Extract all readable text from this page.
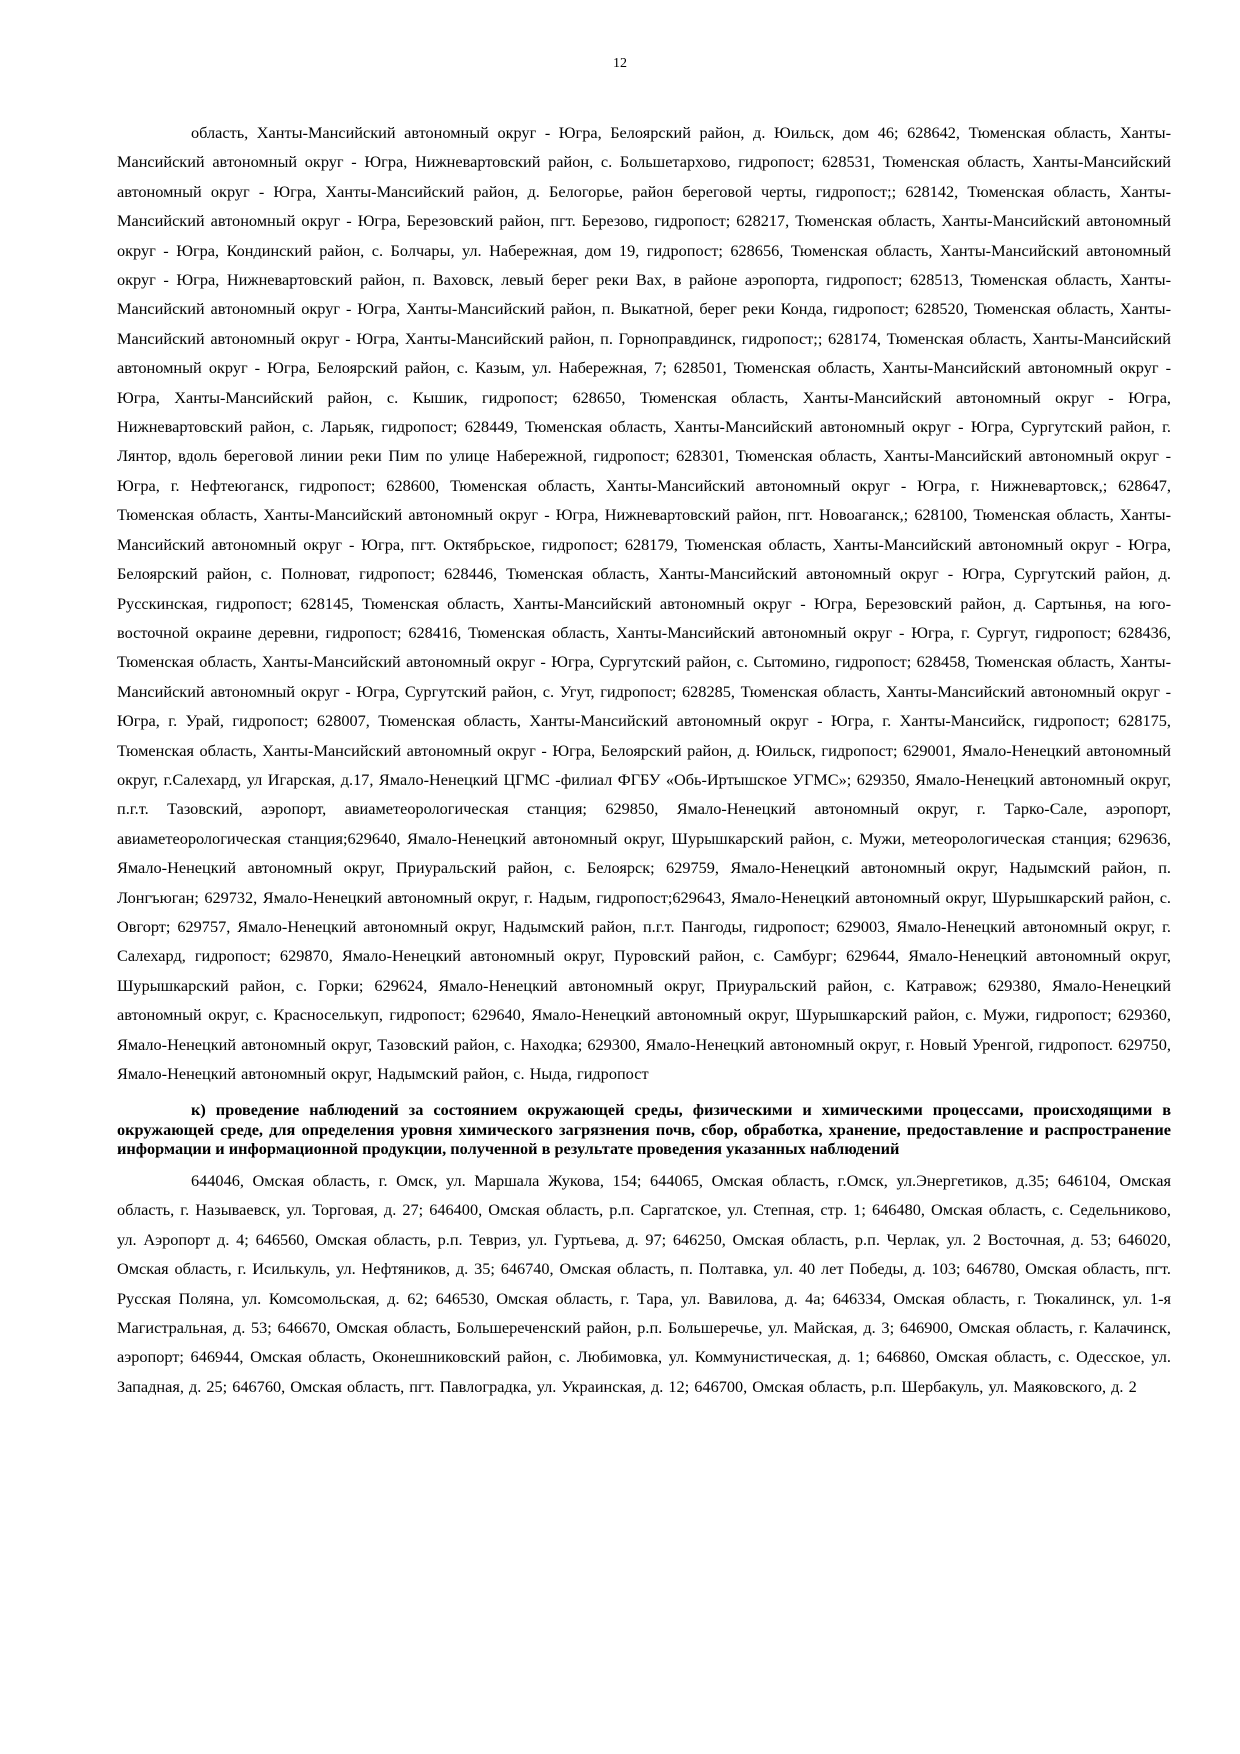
12

область, Ханты-Мансийский автономный округ - Югра, Белоярский район, д. Юильск, дом 46; 628642, Тюменская область, Ханты-Мансийский автономный округ - Югра, Нижневартовский район, с. Большетархово, гидропост; 628531, Тюменская область, Ханты-Мансийский автономный округ - Югра, Ханты-Мансийский район, д. Белогорье, район береговой черты, гидропост;; 628142, Тюменская область, Ханты-Мансийский автономный округ - Югра, Березовский район, пгт. Березово, гидропост; 628217, Тюменская область, Ханты-Мансийский автономный округ - Югра, Кондинский район, с. Болчары, ул. Набережная, дом 19, гидропост; 628656, Тюменская область, Ханты-Мансийский автономный округ - Югра, Нижневартовский район, п. Ваховск, левый берег реки Вах, в районе аэропорта, гидропост; 628513, Тюменская область, Ханты-Мансийский автономный округ - Югра, Ханты-Мансийский район, п. Выкатной, берег реки Конда, гидропост; 628520, Тюменская область, Ханты-Мансийский автономный округ - Югра, Ханты-Мансийский район, п. Горноправдинск, гидропост;; 628174, Тюменская область, Ханты-Мансийский автономный округ - Югра, Белоярский район, с. Казым, ул. Набережная, 7; 628501, Тюменская область, Ханты-Мансийский автономный округ - Югра, Ханты-Мансийский район, с. Кышик, гидропост; 628650, Тюменская область, Ханты-Мансийский автономный округ - Югра, Нижневартовский район, с. Ларьяк, гидропост; 628449, Тюменская область, Ханты-Мансийский автономный округ - Югра, Сургутский район, г. Лянтор, вдоль береговой линии реки Пим по улице Набережной, гидропост; 628301, Тюменская область, Ханты-Мансийский автономный округ - Югра, г. Нефтеюганск, гидропост; 628600, Тюменская область, Ханты-Мансийский автономный округ - Югра, г. Нижневартовск,; 628647, Тюменская область, Ханты-Мансийский автономный округ - Югра, Нижневартовский район, пгт. Новоаганск,; 628100, Тюменская область, Ханты-Мансийский автономный округ - Югра, пгт. Октябрьское, гидропост; 628179, Тюменская область, Ханты-Мансийский автономный округ - Югра, Белоярский район, с. Полноват, гидропост; 628446, Тюменская область, Ханты-Мансийский автономный округ - Югра, Сургутский район, д. Русскинская, гидропост; 628145, Тюменская область, Ханты-Мансийский автономный округ - Югра, Березовский район, д. Сартынья, на юго-восточной окраине деревни, гидропост; 628416, Тюменская область, Ханты-Мансийский автономный округ - Югра, г. Сургут, гидропост; 628436, Тюменская область, Ханты-Мансийский автономный округ - Югра, Сургутский район, с. Сытомино, гидропост; 628458, Тюменская область, Ханты-Мансийский автономный округ - Югра, Сургутский район, с. Угут, гидропост; 628285, Тюменская область, Ханты-Мансийский автономный округ - Югра, г. Урай, гидропост; 628007, Тюменская область, Ханты-Мансийский автономный округ - Югра, г. Ханты-Мансийск, гидропост; 628175, Тюменская область, Ханты-Мансийский автономный округ - Югра, Белоярский район, д. Юильск, гидропост; 629001, Ямало-Ненецкий автономный округ, г.Салехард, ул Игарская, д.17, Ямало-Ненецкий ЦГМС -филиал ФГБУ «Обь-Иртышское УГМС»; 629350, Ямало-Ненецкий автономный округ, п.г.т. Тазовский, аэропорт, авиаметеорологическая станция; 629850, Ямало-Ненецкий автономный округ, г. Тарко-Сале, аэропорт, авиаметеорологическая станция;629640, Ямало-Ненецкий автономный округ, Шурышкарский район, с. Мужи, метеорологическая станция; 629636, Ямало-Ненецкий автономный округ, Приуральский район, с. Белоярск; 629759, Ямало-Ненецкий автономный округ, Надымский район, п. Лонгъюган; 629732, Ямало-Ненецкий автономный округ, г. Надым, гидропост;629643, Ямало-Ненецкий автономный округ, Шурышкарский район, с. Овгорт; 629757, Ямало-Ненецкий автономный округ, Надымский район, п.г.т. Пангоды, гидропост; 629003, Ямало-Ненецкий автономный округ, г. Салехард, гидропост; 629870, Ямало-Ненецкий автономный округ, Пуровский район, с. Самбург; 629644, Ямало-Ненецкий автономный округ, Шурышкарский район, с. Горки; 629624, Ямало-Ненецкий автономный округ, Приуральский район, с. Катравож; 629380, Ямало-Ненецкий автономный округ, с. Красноселькуп, гидропост; 629640, Ямало-Ненецкий автономный округ, Шурышкарский район, с. Мужи, гидропост; 629360, Ямало-Ненецкий автономный округ, Тазовский район, с. Находка; 629300, Ямало-Ненецкий автономный округ, г. Новый Уренгой, гидропост. 629750, Ямало-Ненецкий автономный округ, Надымский район, с. Ныда, гидропост

к) проведение наблюдений за состоянием окружающей среды, физическими и химическими процессами, происходящими в окружающей среде, для определения уровня химического загрязнения почв, сбор, обработка, хранение, предоставление и распространение информации и информационной продукции, полученной в результате проведения указанных наблюдений

644046, Омская область, г. Омск, ул. Маршала Жукова, 154; 644065, Омская область, г.Омск, ул.Энергетиков, д.35; 646104, Омская область, г. Называевск, ул. Торговая, д. 27; 646400, Омская область, р.п. Саргатское, ул. Степная, стр. 1; 646480, Омская область, с. Седельниково, ул. Аэропорт д. 4; 646560, Омская область, р.п. Тевриз, ул. Гуртьева, д. 97; 646250, Омская область, р.п. Черлак, ул. 2 Восточная, д. 53; 646020, Омская область, г. Исилькуль, ул. Нефтяников, д. 35; 646740, Омская область, п. Полтавка, ул. 40 лет Победы, д. 103; 646780, Омская область, пгт. Русская Поляна, ул. Комсомольская, д. 62; 646530, Омская область, г. Тара, ул. Вавилова, д. 4а; 646334, Омская область, г. Тюкалинск, ул. 1-я Магистральная, д. 53; 646670, Омская область, Большереченский район, р.п. Большеречье, ул. Майская, д. 3; 646900, Омская область, г. Калачинск, аэропорт; 646944, Омская область, Оконешниковский район, с. Любимовка, ул. Коммунистическая, д. 1; 646860, Омская область, с. Одесское, ул. Западная, д. 25; 646760, Омская область, пгт. Павлоградка, ул. Украинская, д. 12; 646700, Омская область, р.п. Шербакуль, ул. Маяковского, д. 2
